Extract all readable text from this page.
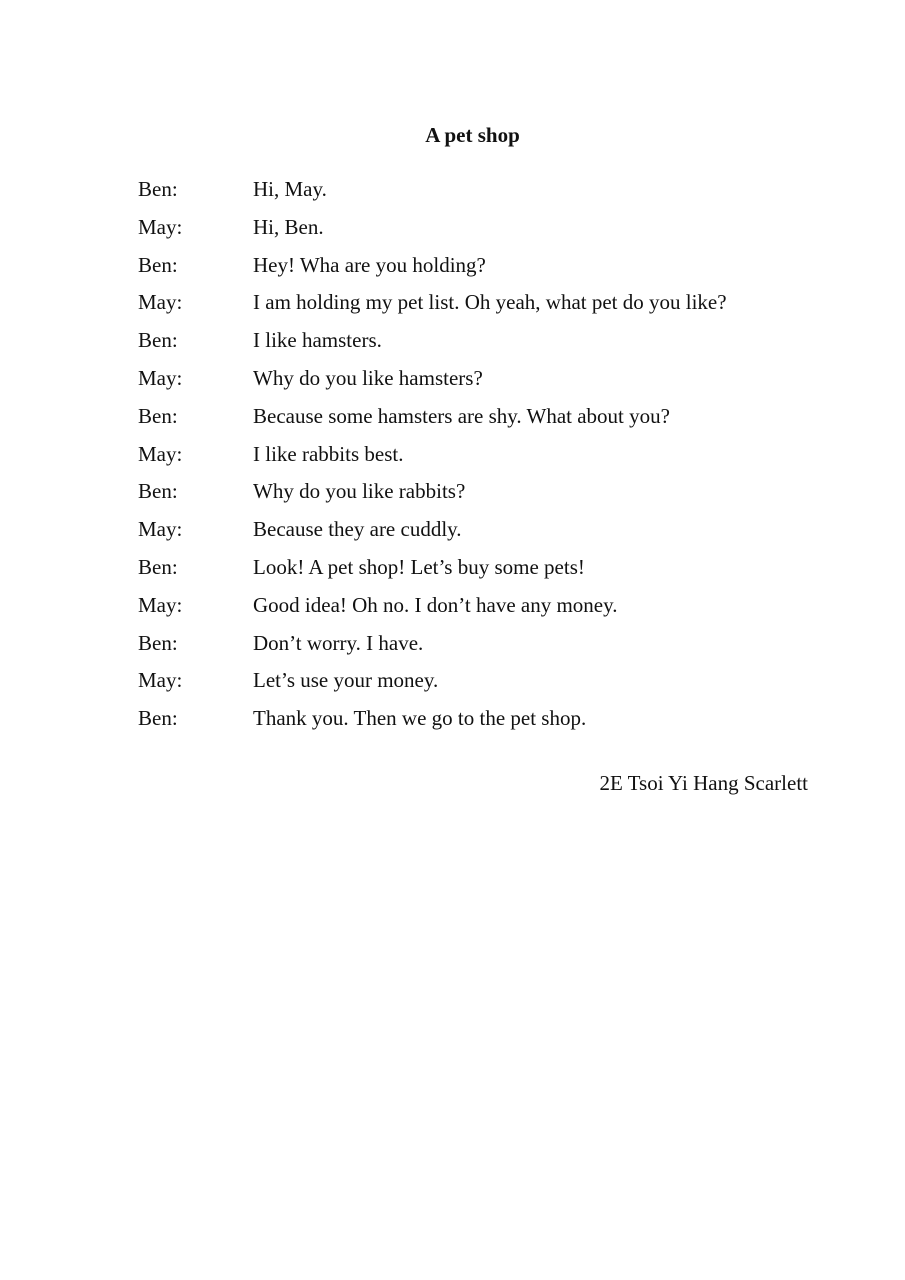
A pet shop
Ben:	Hi, May.
May:	Hi, Ben.
Ben:	Hey! Wha are you holding?
May:	I am holding my pet list. Oh yeah, what pet do you like?
Ben:	I like hamsters.
May:	Why do you like hamsters?
Ben:	Because some hamsters are shy. What about you?
May:	I like rabbits best.
Ben:	Why do you like rabbits?
May:	Because they are cuddly.
Ben:	Look! A pet shop! Let’s buy some pets!
May:	Good idea! Oh no. I don’t have any money.
Ben:	Don’t worry. I have.
May:	Let’s use your money.
Ben:	Thank you. Then we go to the pet shop.
2E Tsoi Yi Hang Scarlett
